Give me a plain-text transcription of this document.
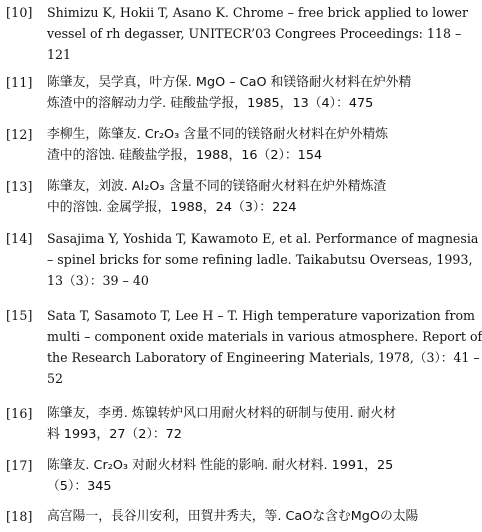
[10]	Shimizu K, Hokii T, Asano K. Chrome – free brick applied to lower
vessel of rh degasser, UNITECR’03 Congrees Proceedings: 118 –
121
[11]	陈肇友，吴学真，叶方保. MgO – CaO 和镁铬耐火材料在炉外精
炼渣中的溶解动力学. 硅酸盐学报，1985，13（4）：475
[12]	李柳生，陈肇友. Cr₂O₃ 含量不同的镁铬耐火材料在炉外精炼
渣中的溶蚀. 硅酸盐学报，1988，16（2）：154
[13]	陈肇友，刘波. Al₂O₃ 含量不同的镁铬耐火材料在炉外精炼渣
中的溶蚀. 金属学报，1988，24（3）：224
[14]	Sasajima Y, Yoshida T, Kawamoto E, et al. Performance of magnesia
– spinel bricks for some refining ladle. Taikabutsu Overseas, 1993,
13（3）：39 – 40
[15]	Sata T, Sasamoto T, Lee H – T. High temperature vaporization from
multi – component oxide materials in various atmosphere. Report of
the Research Laboratory of Engineering Materials, 1978,（3）：41 –
52
[16]	陈肇友，李勇. 炼镍转炉风口用耐火材料的研制与使用. 耐火材
料 1993，27（2）：72
[17]	陈肇友. Cr₂O₃ 对耐火材料 性能的影响. 耐火材料. 1991，25
（5）：345
[18]	高宫陽一，長谷川安利，田賀井秀夫，等. CaOな含むMgOの太陽
